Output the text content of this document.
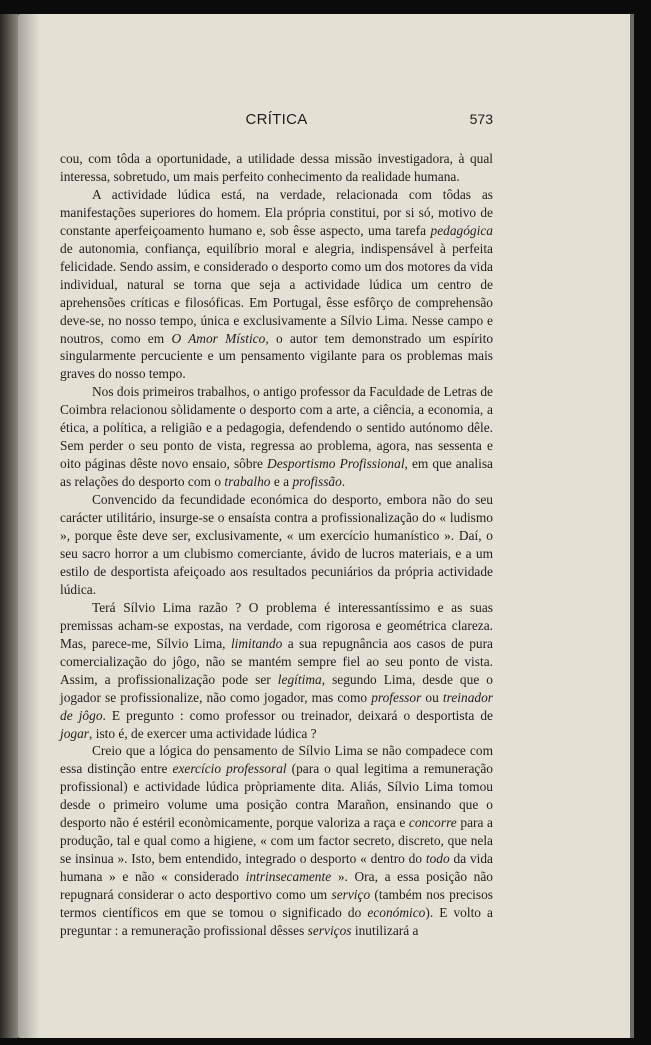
CRÍTICA	573

cou, com tôda a oportunidade, a utilidade dessa missão investigadora, à qual interessa, sobretudo, um mais perfeito conhecimento da realidade humana.

A actividade lúdica está, na verdade, relacionada com tôdas as manifestações superiores do homem. Ela própria constitui, por si só, motivo de constante aperfeiçoamento humano e, sob êsse aspecto, uma tarefa pedagógica de autonomia, confiança, equilíbrio moral e alegria, indispensável à perfeita felicidade. Sendo assim, e considerado o desporto como um dos motores da vida individual, natural se torna que seja a actividade lúdica um centro de aprehensões críticas e filosóficas. Em Portugal, êsse esfôrço de comprehensão deve-se, no nosso tempo, única e exclusivamente a Sílvio Lima. Nesse campo e noutros, como em O Amor Místico, o autor tem demonstrado um espírito singularmente percuciente e um pensamento vigilante para os problemas mais graves do nosso tempo.

Nos dois primeiros trabalhos, o antigo professor da Faculdade de Letras de Coimbra relacionou sòlidamente o desporto com a arte, a ciência, a economia, a ética, a política, a religião e a pedagogia, defendendo o sentido autónomo dêle. Sem perder o seu ponto de vista, regressa ao problema, agora, nas sessenta e oito páginas dêste novo ensaio, sôbre Desportismo Profissional, em que analisa as relações do desporto com o trabalho e a profissão.

Convencido da fecundidade económica do desporto, embora não do seu carácter utilitário, insurge-se o ensaísta contra a profissionalização do « ludismo », porque êste deve ser, exclusivamente, « um exercício humanístico ». Daí, o seu sacro horror a um clubismo comerciante, ávido de lucros materiais, e a um estilo de desportista afeiçoado aos resultados pecuniários da própria actividade lúdica.

Terá Sílvio Lima razão ? O problema é interessantíssimo e as suas premissas acham-se expostas, na verdade, com rigorosa e geométrica clareza. Mas, parece-me, Sílvio Lima, limitando a sua repugnância aos casos de pura comercialização do jôgo, não se mantém sempre fiel ao seu ponto de vista. Assim, a profissionalização pode ser legítima, segundo Lima, desde que o jogador se profissionalize, não como jogador, mas como professor ou treinador de jôgo. E pregunto : como professor ou treinador, deixará o desportista de jogar, isto é, de exercer uma actividade lúdica ?

Creio que a lógica do pensamento de Sílvio Lima se não compadece com essa distinção entre exercício professoral (para o qual legitima a remuneração profissional) e actividade lúdica pròpriamente dita. Aliás, Sílvio Lima tomou desde o primeiro volume uma posição contra Marañon, ensinando que o desporto não é estéril econòmicamente, porque valoriza a raça e concorre para a produção, tal e qual como a higiene, « com um factor secreto, discreto, que nela se insinua ». Isto, bem entendido, integrado o desporto « dentro do todo da vida humana » e não « considerado intrinsecamente ». Ora, a essa posição não repugnará considerar o acto desportivo como um serviço (também nos precisos termos científicos em que se tomou o significado do económico). E volto a preguntar : a remuneração profissional dêsses serviços inutilizará a
